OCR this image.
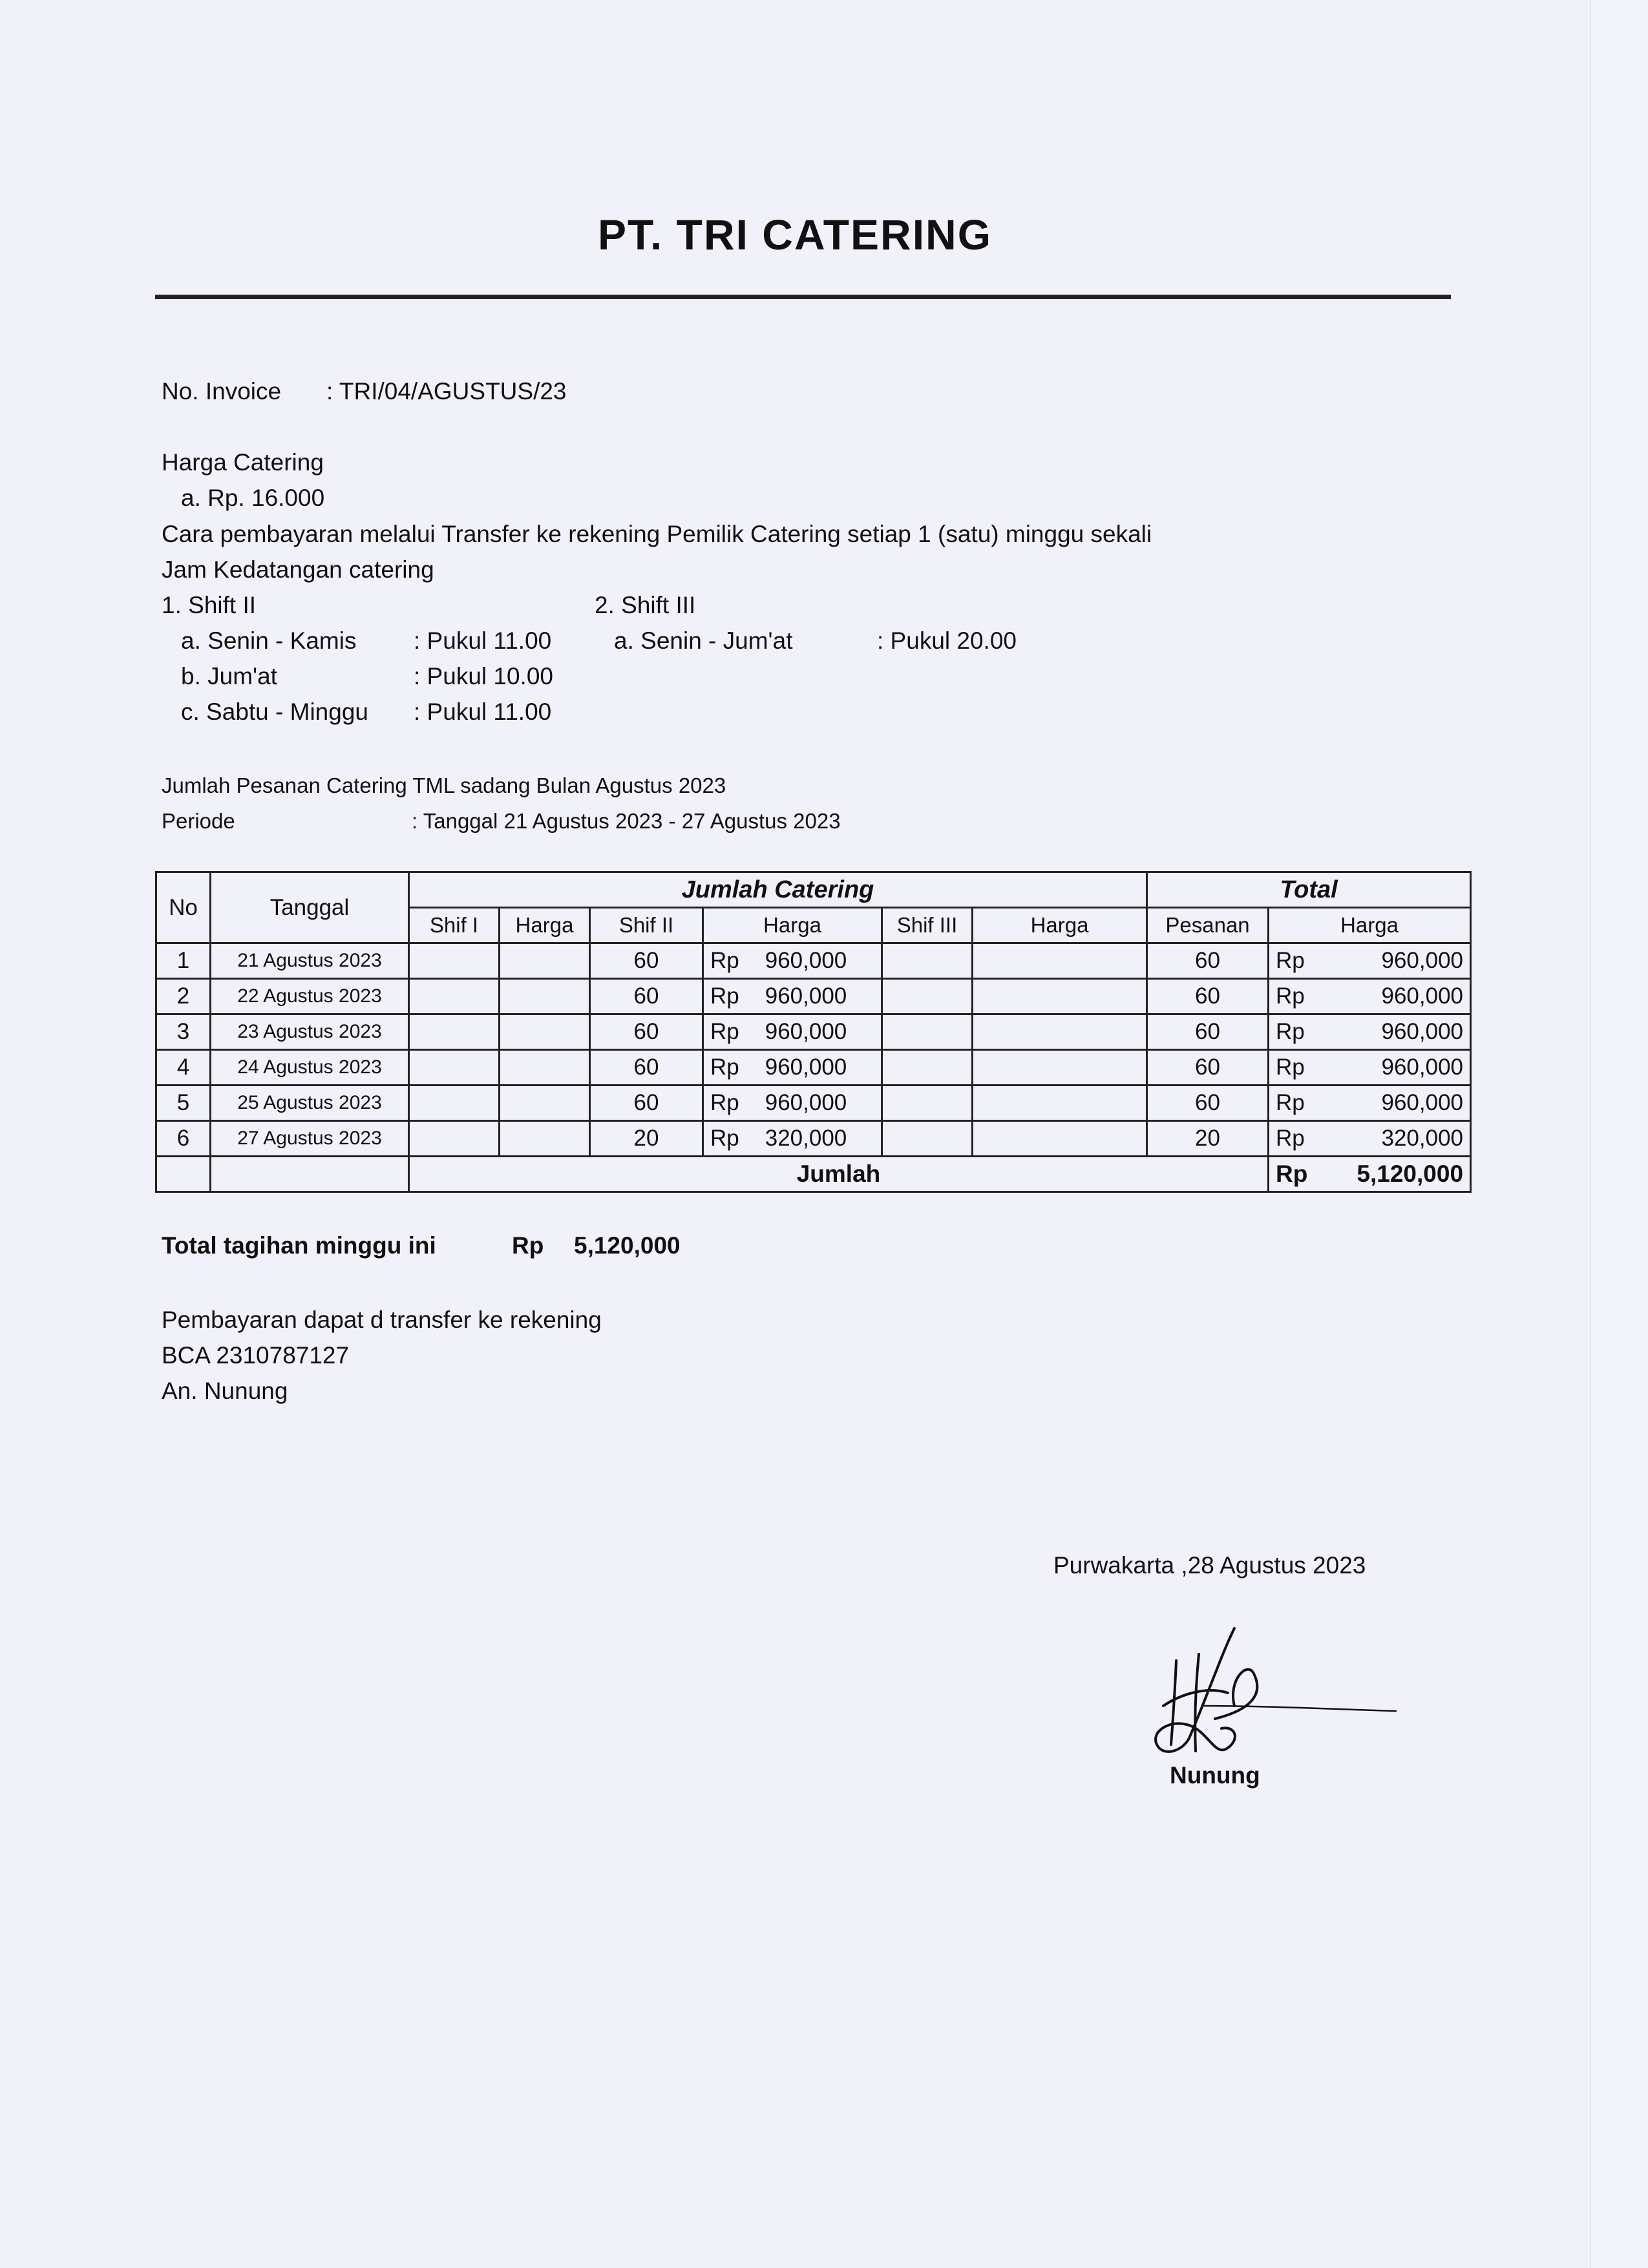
PT. TRI CATERING
No. Invoice : TRI/04/AGUSTUS/23
Harga Catering
a. Rp. 16.000
Cara pembayaran melalui Transfer ke rekening Pemilik Catering setiap 1 (satu) minggu sekali
Jam Kedatangan catering
1. Shift II	2. Shift III
a. Senin - Kamis : Pukul 11.00	a. Senin - Jum'at	: Pukul 20.00
b. Jum'at	: Pukul 10.00
c. Sabtu - Minggu : Pukul 11.00
Jumlah Pesanan Catering TML sadang Bulan Agustus 2023
Periode	: Tanggal 21 Agustus 2023 - 27 Agustus 2023
No	Tanggal	Jumlah Catering						Total	
		Shif I	Harga	Shif II	Harga	Shif III	Harga	Pesanan	Harga
1	21 Agustus 2023			60	Rp 960,000			60	Rp 960,000

2	22 Agustus 2023			60	Rp 960,000			60	Rp 960,000

3	23 Agustus 2023			60	Rp 960,000			60	Rp 960,000

4	24 Agustus 2023			60	Rp 960,000			60	Rp 960,000

5	25 Agustus 2023			60	Rp 960,000			60	Rp 960,000

6	27 Agustus 2023			20	Rp 320,000			20	Rp 320,000

		Jumlah							Rp 5,120,000
Total tagihan minggu ini	Rp 5,120,000
Pembayaran dapat d transfer ke rekening
BCA 2310787127
An. Nunung
Purwakarta ,28 Agustus 2023
Nunung
